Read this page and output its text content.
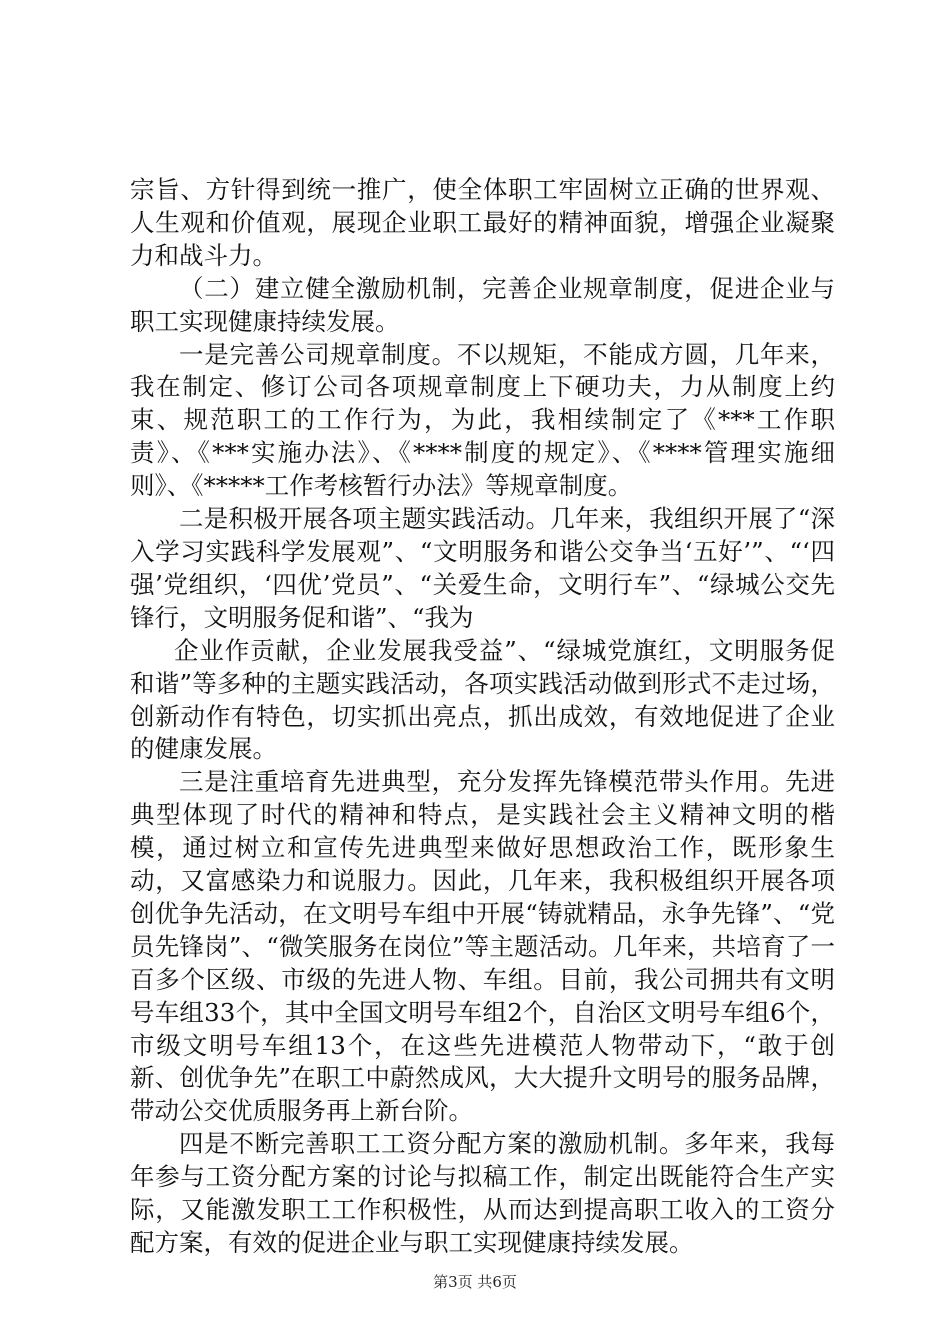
宗旨、方针得到统一推广，使全体职工牢固树立正确的世界观、人生观和价值观，展现企业职工最好的精神面貌，增强企业凝聚力和战斗力。

（二）建立健全激励机制，完善企业规章制度，促进企业与职工实现健康持续发展。

一是完善公司规章制度。不以规矩，不能成方圆，几年来，我在制定、修订公司各项规章制度上下硬功夫，力从制度上约束、规范职工的工作行为，为此，我相续制定了《***工作职责》、《***实施办法》、《****制度的规定》、《****管理实施细则》、《*****工作考核暂行办法》等规章制度。

二是积极开展各项主题实践活动。几年来，我组织开展了“深入学习实践科学发展观”、“文明服务和谐公交争当‘五好’”、“‘四强’党组织，‘四优’党员”、“关爱生命，文明行车”、“绿城公交先锋行，文明服务促和谐”、“我为

企业作贡献，企业发展我受益”、“绿城党旗红，文明服务促和谐”等多种的主题实践活动，各项实践活动做到形式不走过场，创新动作有特色，切实抓出亮点，抓出成效，有效地促进了企业的健康发展。

三是注重培育先进典型，充分发挥先锋模范带头作用。先进典型体现了时代的精神和特点，是实践社会主义精神文明的楷模，通过树立和宣传先进典型来做好思想政治工作，既形象生动，又富感染力和说服力。因此，几年来，我积极组织开展各项创优争先活动，在文明号车组中开展“铸就精品，永争先锋”、“党员先锋岗”、“微笑服务在岗位”等主题活动。几年来，共培育了一百多个区级、市级的先进人物、车组。目前，我公司拥共有文明号车组33个，其中全国文明号车组2个，自治区文明号车组6个，市级文明号车组13个，在这些先进模范人物带动下，“敢于创新、创优争先”在职工中蔚然成风，大大提升文明号的服务品牌，带动公交优质服务再上新台阶。

四是不断完善职工工资分配方案的激励机制。多年来，我每年参与工资分配方案的讨论与拟稿工作，制定出既能符合生产实际，又能激发职工工作积极性，从而达到提高职工收入的工资分配方案，有效的促进企业与职工实现健康持续发展。

第3页 共6页
